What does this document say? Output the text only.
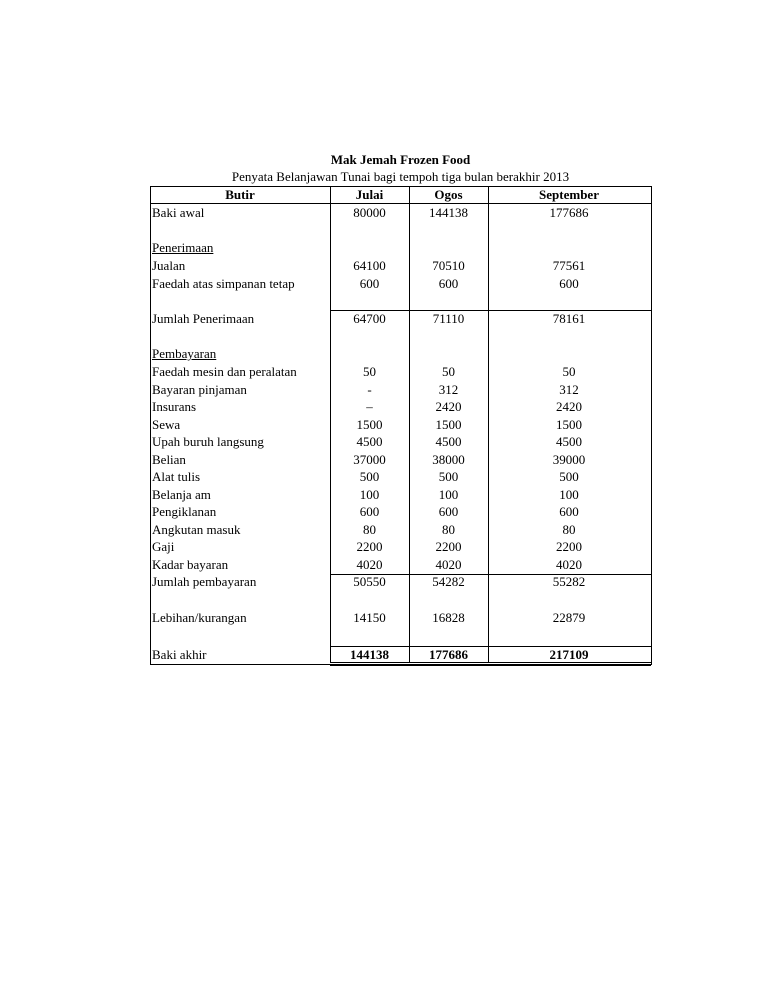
Mak Jemah Frozen Food
Penyata Belanjawan Tunai bagi tempoh tiga bulan berakhir 2013
Butir	Julai	Ogos	September
Baki awal	80000	144138	177686
Penerimaan
Jualan	64100	70510	77561
Faedah atas simpanan tetap	600	600	600
Jumlah Penerimaan	64700	71110	78161
Pembayaran
Faedah mesin dan peralatan	50	50	50
Bayaran pinjaman	-	312	312
Insurans	–	2420	2420
Sewa	1500	1500	1500
Upah buruh langsung	4500	4500	4500
Belian	37000	38000	39000
Alat tulis	500	500	500
Belanja am	100	100	100
Pengiklanan	600	600	600
Angkutan masuk	80	80	80
Gaji	2200	2200	2200
Kadar bayaran	4020	4020	4020
Jumlah pembayaran	50550	54282	55282
Lebihan/kurangan	14150	16828	22879
Baki akhir	144138	177686	217109
